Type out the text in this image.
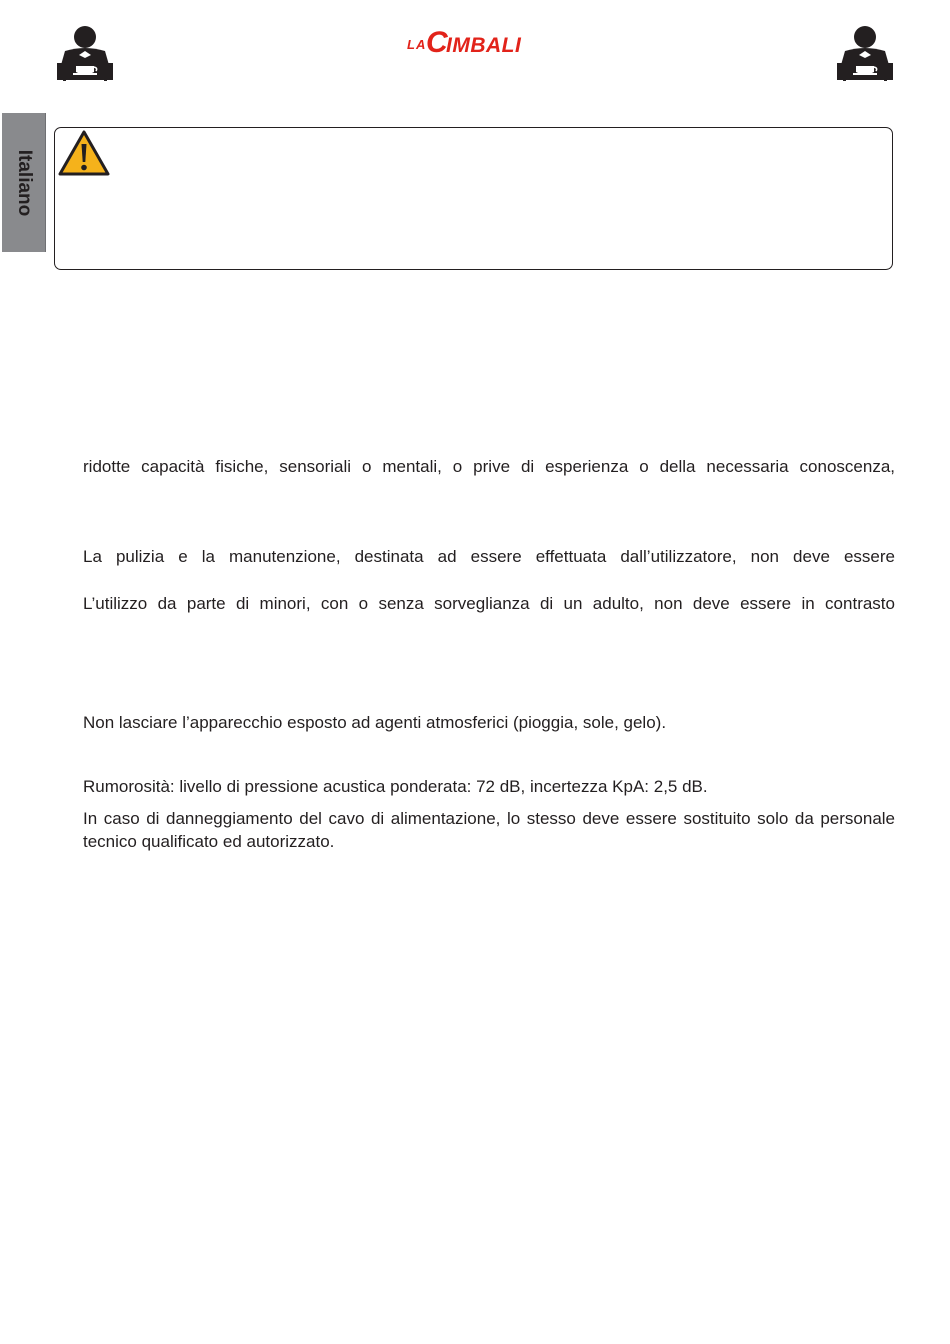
LA C
IMBALI
Italiano

ridotte capacità fisiche, sensoriali o mentali, o prive di esperienza o della necessaria conoscenza,

La pulizia e la manutenzione, destinata ad essere effettuata dall’utilizzatore, non deve essere

L’utilizzo da parte di minori, con o senza sorveglianza di un adulto, non deve essere in contrasto

Non lasciare l’apparecchio esposto ad agenti atmosferici (pioggia, sole, gelo).

Rumorosità: livello di pressione acustica ponderata: 72 dB, incertezza KpA: 2,5 dB.

In caso di danneggiamento del cavo di alimentazione, lo stesso deve essere sostituito solo da personale tecnico qualificato ed autorizzato.
